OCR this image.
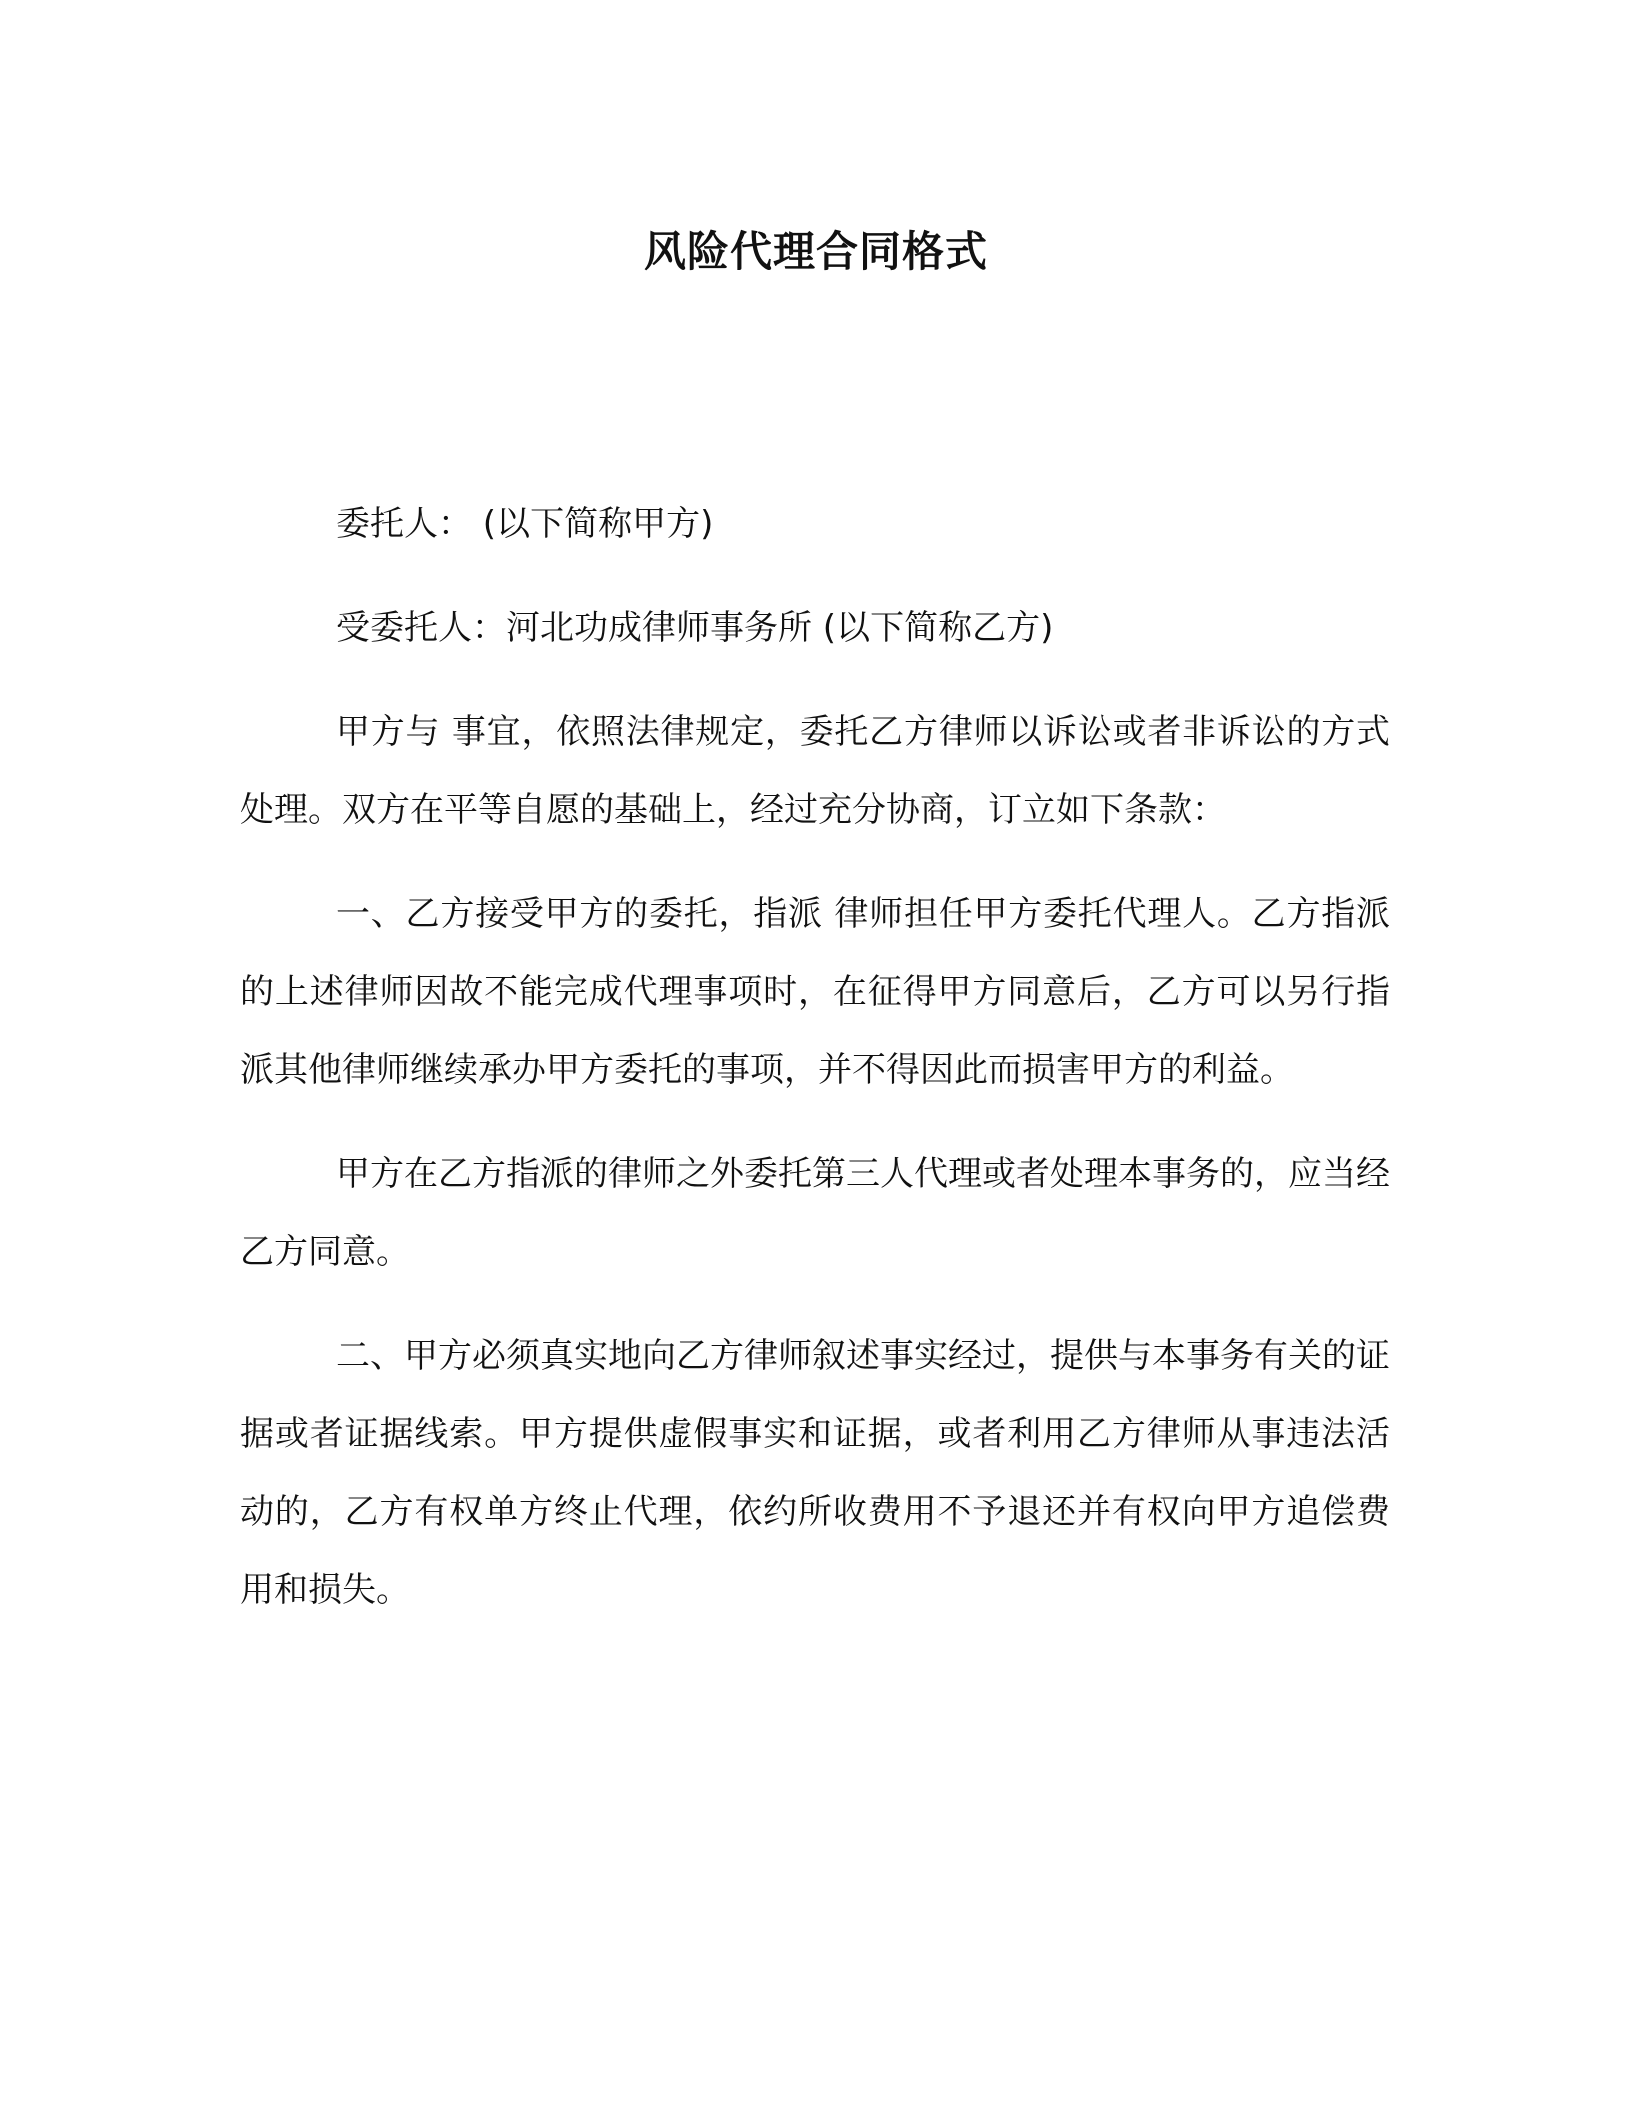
风险代理合同格式

委托人： (以下简称甲方)

受委托人：河北功成律师事务所 (以下简称乙方)

甲方与 事宜，依照法律规定，委托乙方律师以诉讼或者非诉讼的方式处理。双方在平等自愿的基础上，经过充分协商，订立如下条款：

一、乙方接受甲方的委托，指派 律师担任甲方委托代理人。乙方指派的上述律师因故不能完成代理事项时，在征得甲方同意后，乙方可以另行指派其他律师继续承办甲方委托的事项，并不得因此而损害甲方的利益。

甲方在乙方指派的律师之外委托第三人代理或者处理本事务的，应当经乙方同意。

二、甲方必须真实地向乙方律师叙述事实经过，提供与本事务有关的证据或者证据线索。甲方提供虚假事实和证据，或者利用乙方律师从事违法活动的，乙方有权单方终止代理，依约所收费用不予退还并有权向甲方追偿费用和损失。
